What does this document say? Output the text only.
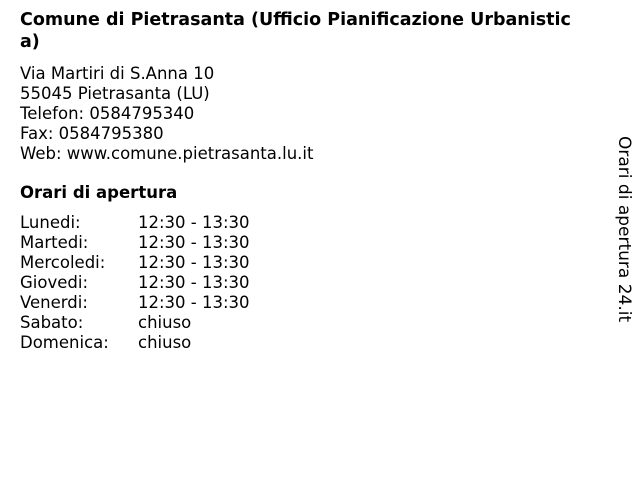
Comune di Pietrasanta (Ufficio Pianificazione Urbanistica)
Via Martiri di S.Anna 10
55045 Pietrasanta (LU)
Telefon: 0584795340
Fax: 0584795380
Web: www.comune.pietrasanta.lu.it
Orari di apertura
Lunedi:	12:30 - 13:30
Martedi:	12:30 - 13:30
Mercoledi:	12:30 - 13:30
Giovedi:	12:30 - 13:30
Venerdi:	12:30 - 13:30
Sabato:	chiuso
Domenica:	chiuso
Orari di apertura 24.it
